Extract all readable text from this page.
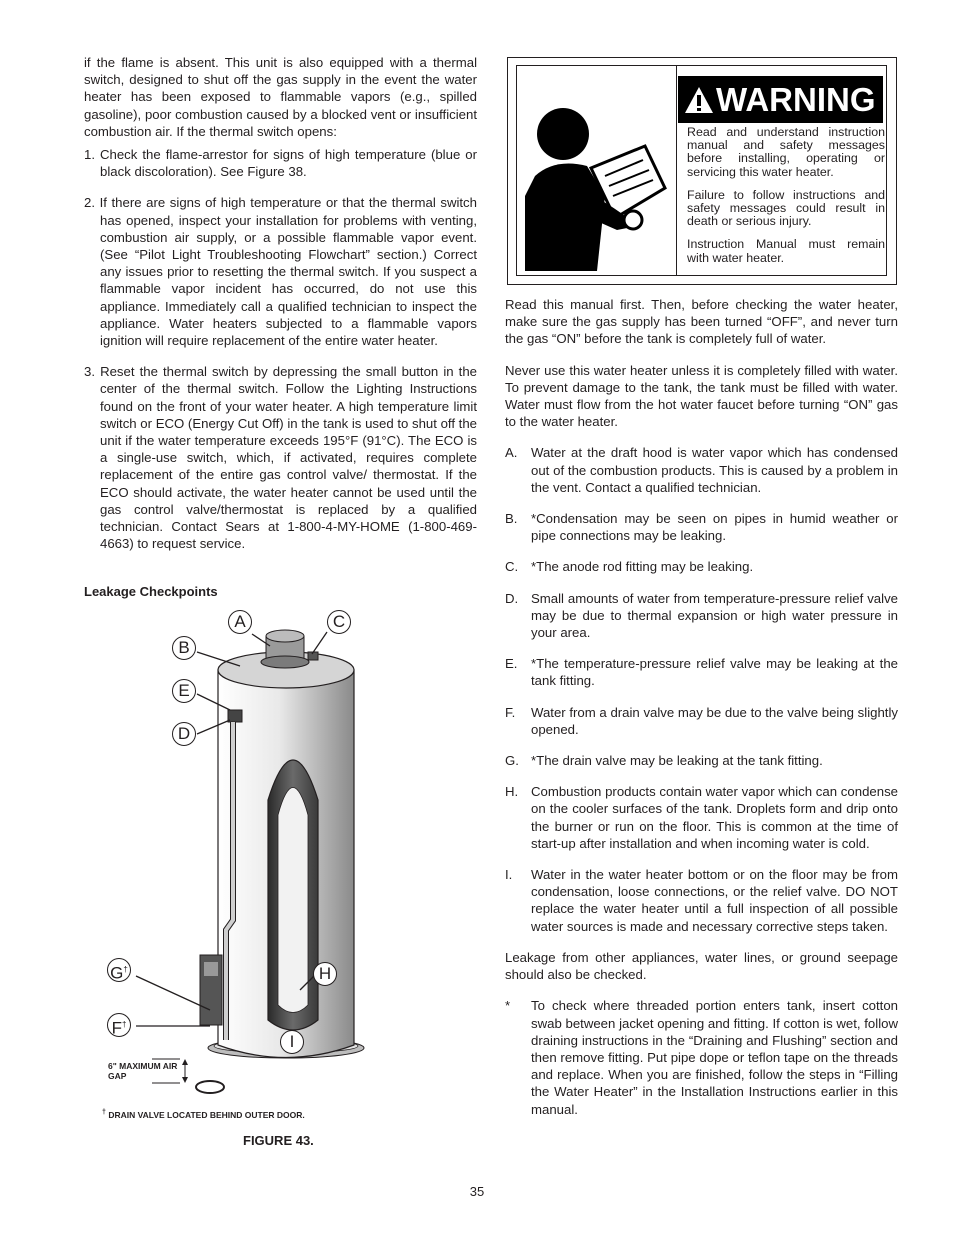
if the flame is absent. This unit is also equipped with a thermal switch, designed to shut off the gas supply in the event the water heater has been exposed to flammable vapors (e.g., spilled gasoline), poor combustion caused by a blocked vent or insufficient combustion air. If the thermal switch opens:

1. Check the flame-arrestor for signs of high temperature (blue or black discoloration). See Figure 38.

2. If there are signs of high temperature or that the thermal switch has opened, inspect your installation for problems with venting, combustion air supply, or a possible flammable vapor event. (See “Pilot Light Troubleshooting Flowchart” section.) Correct any issues prior to resetting the thermal switch. If you suspect a flammable vapor incident has occurred, do not use this appliance. Immediately call a qualified technician to inspect the appliance. Water heaters subjected to a flammable vapors ignition will require replacement of the entire water heater.

3. Reset the thermal switch by depressing the small button in the center of the thermal switch. Follow the Lighting Instructions found on the front of your water heater. A high temperature limit switch or ECO (Energy Cut Off) in the tank is used to shut off the unit if the water temperature exceeds 195°F (91°C). The ECO is a single-use switch, which, if activated, requires complete replacement of the entire gas control valve/ thermostat. If the ECO should activate, the water heater cannot be used until the gas control valve/thermostat is replaced by a qualified technician. Contact Sears at 1-800-4-MY-HOME (1-800-469-4663) to request service.

Leakage Checkpoints

A
B
C
D
E
G†
F†
H
I
6" MAXIMUM AIR GAP
† DRAIN VALVE LOCATED BEHIND OUTER DOOR.
FIGURE 43.
WARNING

Read and understand instruction manual and safety messages before installing, operating or servicing this water heater.

Failure to follow instructions and safety messages could result in death or serious injury.

Instruction Manual must remain with water heater.

Read this manual first. Then, before checking the water heater, make sure the gas supply has been turned “OFF”, and never turn the gas “ON” before the tank is completely full of water.

Never use this water heater unless it is completely filled with water. To prevent damage to the tank, the tank must be filled with water. Water must flow from the hot water faucet before turning “ON” gas to the water heater.

A. Water at the draft hood is water vapor which has condensed out of the combustion products. This is caused by a problem in the vent. Contact a qualified technician.
B. *Condensation may be seen on pipes in humid weather or pipe connections may be leaking.
C. *The anode rod fitting may be leaking.
D. Small amounts of water from temperature-pressure relief valve may be due to thermal expansion or high water pressure in your area.
E. *The temperature-pressure relief valve may be leaking at the tank fitting.
F. Water from a drain valve may be due to the valve being slightly opened.
G. *The drain valve may be leaking at the tank fitting.
H. Combustion products contain water vapor which can condense on the cooler surfaces of the tank. Droplets form and drip onto the burner or run on the floor. This is common at the time of start-up after installation and when incoming water is cold.
I. Water in the water heater bottom or on the floor may be from condensation, loose connections, or the relief valve. DO NOT replace the water heater until a full inspection of all possible water sources is made and necessary corrective steps taken.

Leakage from other appliances, water lines, or ground seepage should also be checked.

* To check where threaded portion enters tank, insert cotton swab between jacket opening and fitting. If cotton is wet, follow draining instructions in the “Draining and Flushing” section and then remove fitting. Put pipe dope or teflon tape on the threads and replace. When you are finished, follow the steps in “Filling the Water Heater” in the Installation Instructions earlier in this manual.
35
